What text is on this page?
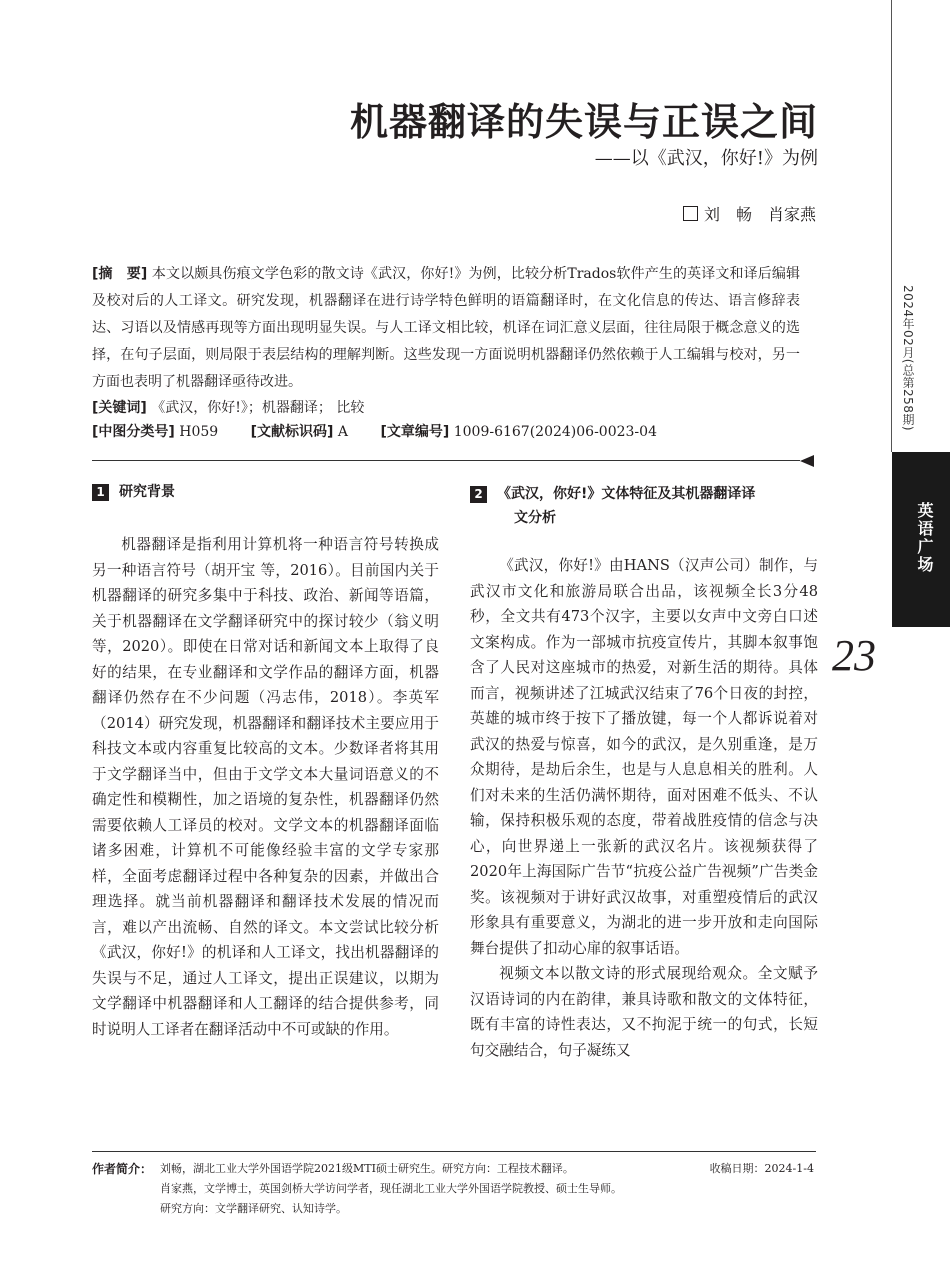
2024年02月(总第258期)
英语广场
23
机器翻译的失误与正误之间
——以《武汉，你好!》为例
刘　畅　肖家燕
[摘　要] 本文以颇具伤痕文学色彩的散文诗《武汉，你好!》为例，比较分析Trados软件产生的英译文和译后编辑及校对后的人工译文。研究发现，机器翻译在进行诗学特色鲜明的语篇翻译时，在文化信息的传达、语言修辞表达、习语以及情感再现等方面出现明显失误。与人工译文相比较，机译在词汇意义层面，往往局限于概念意义的选择，在句子层面，则局限于表层结构的理解判断。这些发现一方面说明机器翻译仍然依赖于人工编辑与校对，另一方面也表明了机器翻译亟待改进。
[关键词] 《武汉，你好!》；机器翻译； 比较
[中图分类号] H059 [文献标识码] A [文章编号] 1009-6167(2024)06-0023-04
1 研究背景	2 《武汉，你好!》文体特征及其机器翻译译
文分析

机器翻译是指利用计算机将一种语言符号转换成另一种语言符号（胡开宝 等，2016）。目前国内关于机器翻译的研究多集中于科技、政治、新闻等语篇，关于机器翻译在文学翻译研究中的探讨较少（翁义明 等，2020）。即使在日常对话和新闻文本上取得了良好的结果，在专业翻译和文学作品的翻译方面，机器翻译仍然存在不少问题（冯志伟，2018）。李英军（2014）研究发现，机器翻译和翻译技术主要应用于科技文本或内容重复比较高的文本。少数译者将其用于文学翻译当中，但由于文学文本大量词语意义的不确定性和模糊性，加之语境的复杂性，机器翻译仍然需要依赖人工译员的校对。文学文本的机器翻译面临诸多困难，计算机不可能像经验丰富的文学专家那样，全面考虑翻译过程中各种复杂的因素，并做出合理选择。就当前机器翻译和翻译技术发展的情况而言，难以产出流畅、自然的译文。本文尝试比较分析《武汉，你好!》的机译和人工译文，找出机器翻译的失误与不足，通过人工译文，提出正误建议，以期为文学翻译中机器翻译和人工翻译的结合提供参考，同时说明人工译者在翻译活动中不可或缺的作用。

《武汉，你好!》由HANS（汉声公司）制作，与武汉市文化和旅游局联合出品，该视频全长3分48秒，全文共有473个汉字，主要以女声中文旁白口述文案构成。作为一部城市抗疫宣传片，其脚本叙事饱含了人民对这座城市的热爱，对新生活的期待。具体而言，视频讲述了江城武汉结束了76个日夜的封控，英雄的城市终于按下了播放键，每一个人都诉说着对武汉的热爱与惊喜，如今的武汉，是久别重逢，是万众期待，是劫后余生，也是与人息息相关的胜利。人们对未来的生活仍满怀期待，面对困难不低头、不认输，保持积极乐观的态度，带着战胜疫情的信念与决心，向世界递上一张新的武汉名片。该视频获得了2020年上海国际广告节“抗疫公益广告视频”广告类金奖。该视频对于讲好武汉故事，对重塑疫情后的武汉形象具有重要意义，为湖北的进一步开放和走向国际舞台提供了扣动心扉的叙事话语。

视频文本以散文诗的形式展现给观众。全文赋予汉语诗词的内在韵律，兼具诗歌和散文的文体特征，既有丰富的诗性表达，又不拘泥于统一的句式，长短句交融结合，句子凝练又

作者简介： 刘畅，湖北工业大学外国语学院2021级MTI硕士研究生。研究方向：工程技术翻译。
肖家燕，文学博士，英国剑桥大学访问学者，现任湖北工业大学外国语学院教授、硕士生导师。研究方向：文学翻译研究、认知诗学。
收稿日期：2024-1-4
